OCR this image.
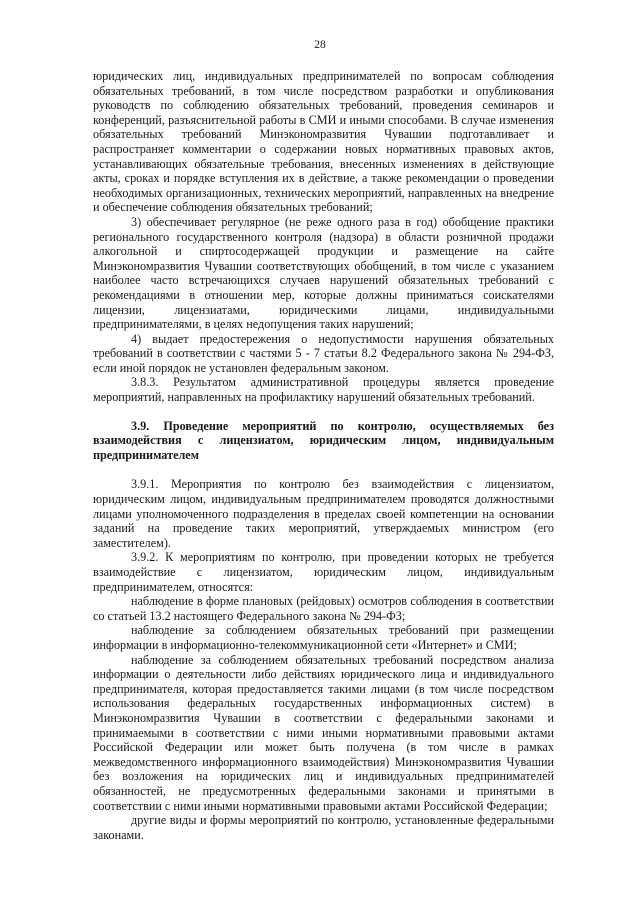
28

юридических лиц, индивидуальных предпринимателей по вопросам соблюдения обязательных требований, в том числе посредством разработки и опубликования руководств по соблюдению обязательных требований, проведения семинаров и конференций, разъяснительной работы в СМИ и иными способами. В случае изменения обязательных требований Минэкономразвития Чувашии подготавливает и распространяет комментарии о содержании новых нормативных правовых актов, устанавливающих обязательные требования, внесенных изменениях в действующие акты, сроках и порядке вступления их в действие, а также рекомендации о проведении необходимых организационных, технических мероприятий, направленных на внедрение и обеспечение соблюдения обязательных требований;

3) обеспечивает регулярное (не реже одного раза в год) обобщение практики регионального государственного контроля (надзора) в области розничной продажи алкогольной и спиртосодержащей продукции и размещение на сайте Минэкономразвития Чувашии соответствующих обобщений, в том числе с указанием наиболее часто встречающихся случаев нарушений обязательных требований с рекомендациями в отношении мер, которые должны приниматься соискателями лицензии, лицензиатами, юридическими лицами, индивидуальными предпринимателями, в целях недопущения таких нарушений;

4) выдает предостережения о недопустимости нарушения обязательных требований в соответствии с частями 5 - 7 статьи 8.2 Федерального закона № 294-ФЗ, если иной порядок не установлен федеральным законом.

3.8.3. Результатом административной процедуры является проведение мероприятий, направленных на профилактику нарушений обязательных требований.

3.9. Проведение мероприятий по контролю, осуществляемых без взаимодействия с лицензиатом, юридическим лицом, индивидуальным предпринимателем

3.9.1. Мероприятия по контролю без взаимодействия с лицензиатом, юридическим лицом, индивидуальным предпринимателем проводятся должностными лицами уполномоченного подразделения в пределах своей компетенции на основании заданий на проведение таких мероприятий, утверждаемых министром (его заместителем).

3.9.2. К мероприятиям по контролю, при проведении которых не требуется взаимодействие с лицензиатом, юридическим лицом, индивидуальным предпринимателем, относятся:

наблюдение в форме плановых (рейдовых) осмотров соблюдения в соответствии со статьей 13.2 настоящего Федерального закона № 294-ФЗ;

наблюдение за соблюдением обязательных требований при размещении информации в информационно-телекоммуникационной сети «Интернет» и СМИ;

наблюдение за соблюдением обязательных требований посредством анализа информации о деятельности либо действиях юридического лица и индивидуального предпринимателя, которая предоставляется такими лицами (в том числе посредством использования федеральных государственных информационных систем) в Минэкономразвития Чувашии в соответствии с федеральными законами и принимаемыми в соответствии с ними иными нормативными правовыми актами Российской Федерации или может быть получена (в том числе в рамках межведомственного информационного взаимодействия) Минэкономразвития Чувашии без возложения на юридических лиц и индивидуальных предпринимателей обязанностей, не предусмотренных федеральными законами и принятыми в соответствии с ними иными нормативными правовыми актами Российской Федерации;

другие виды и формы мероприятий по контролю, установленные федеральными законами.
